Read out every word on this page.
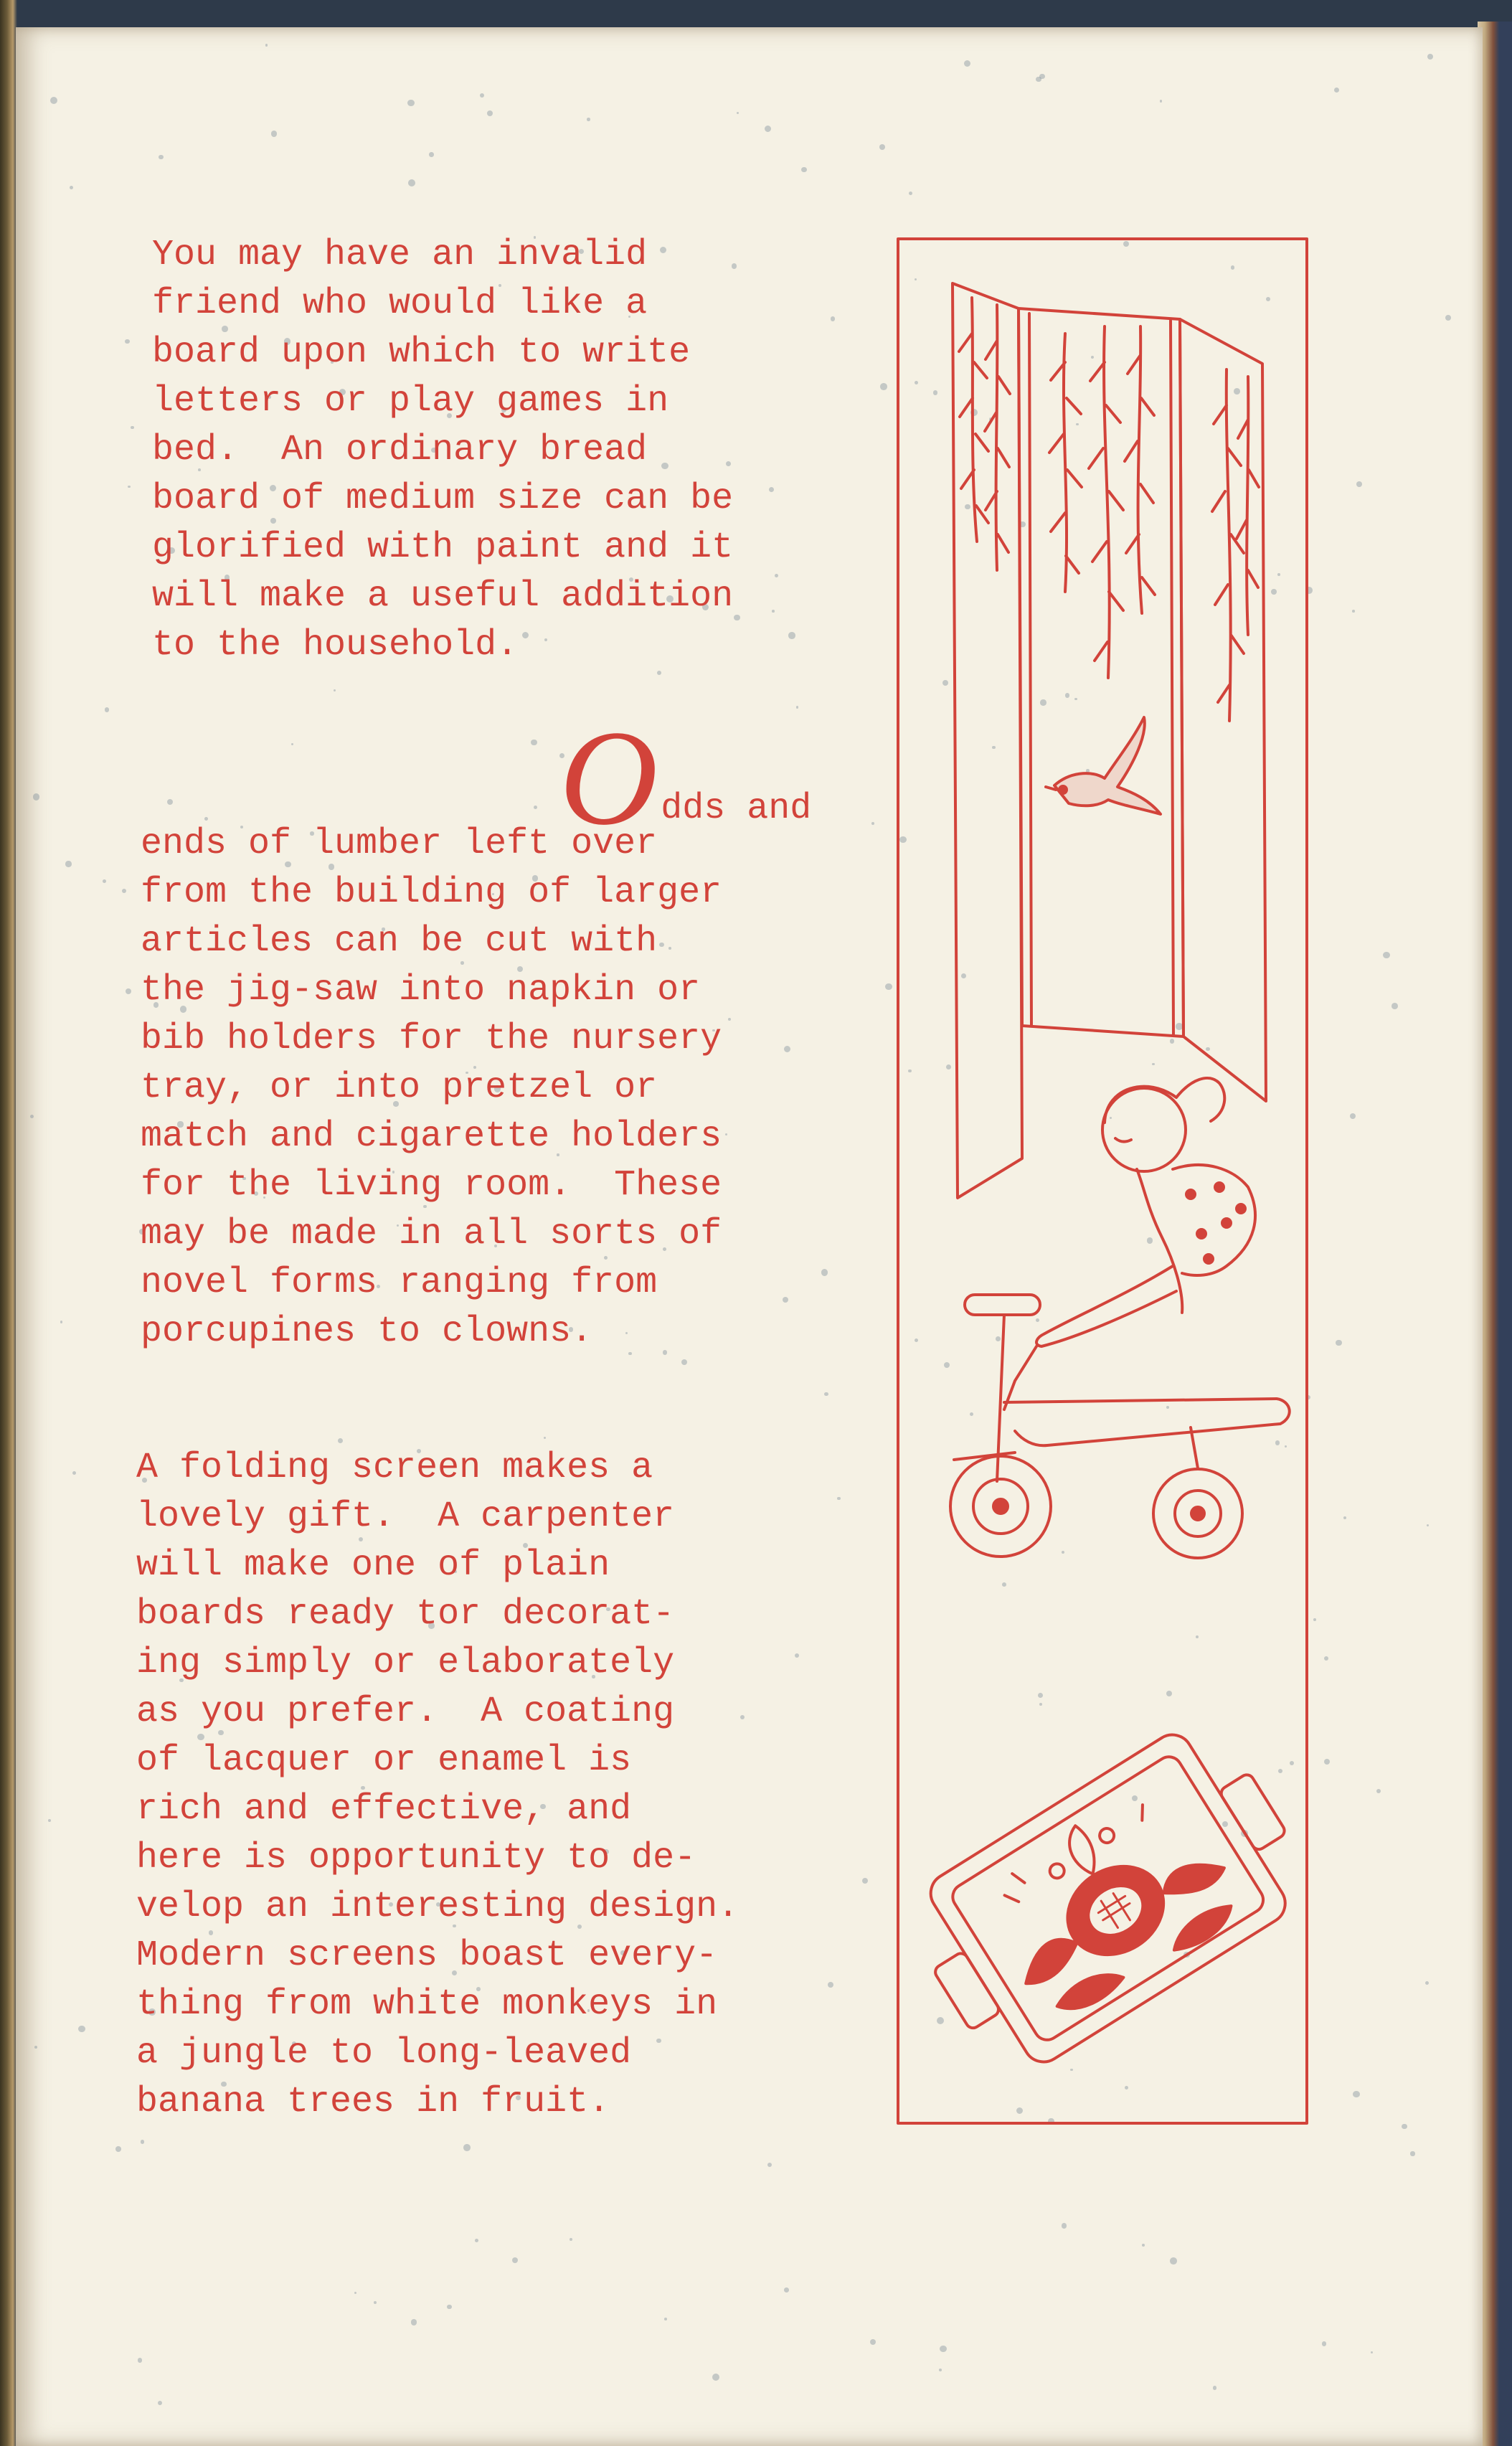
You may have an invalid
friend who would like a
board upon which to write
letters or play games in
bed.  An ordinary bread
board of medium size can be
glorified with paint and it
will make a useful addition
to the household.
Odds and
ends of lumber left over
from the building of larger
articles can be cut with
the jig-saw into napkin or
bib holders for the nursery
tray, or into pretzel or
match and cigarette holders
for the living room.  These
may be made in all sorts of
novel forms ranging from
porcupines to clowns.
A folding screen makes a
lovely gift.  A carpenter
will make one of plain
boards ready tor decorat-
ing simply or elaborately
as you prefer.  A coating
of lacquer or enamel is
rich and effective, and
here is opportunity to de-
velop an interesting design.
Modern screens boast every-
thing from white monkeys in
a jungle to long-leaved
banana trees in fruit.
